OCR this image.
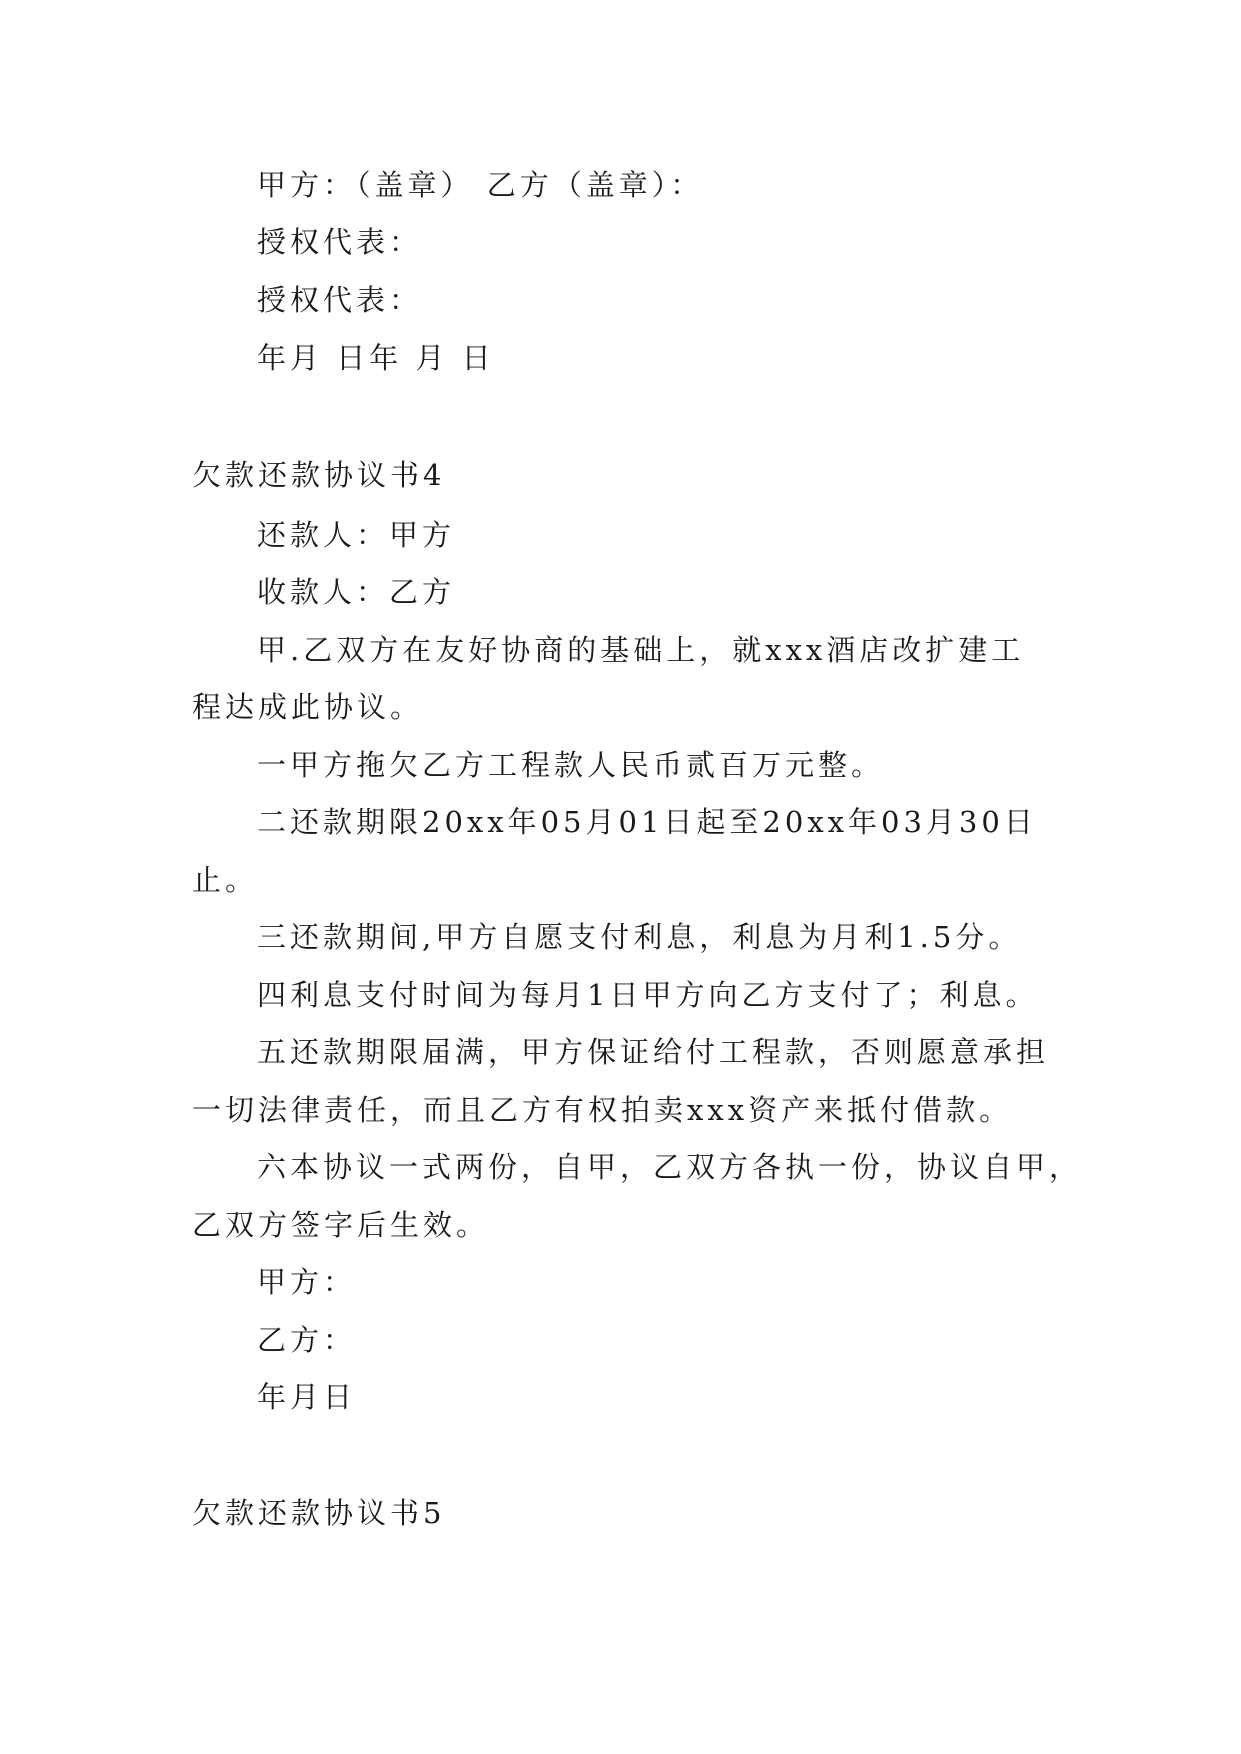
甲方：（盖章） 乙方（盖章）：
授权代表：
授权代表：
年月 日年 月 日
欠款还款协议书4
还款人：甲方
收款人：乙方
甲.乙双方在友好协商的基础上，就xxx酒店改扩建工
程达成此协议。
一甲方拖欠乙方工程款人民币贰百万元整。
二还款期限20xx年05月01日起至20xx年03月30日
止。
三还款期间,甲方自愿支付利息，利息为月利1.5分。
四利息支付时间为每月1日甲方向乙方支付了；利息。
五还款期限届满，甲方保证给付工程款，否则愿意承担
一切法律责任，而且乙方有权拍卖xxx资产来抵付借款。
六本协议一式两份，自甲，乙双方各执一份，协议自甲，
乙双方签字后生效。
甲方：
乙方：
年月日
欠款还款协议书5
